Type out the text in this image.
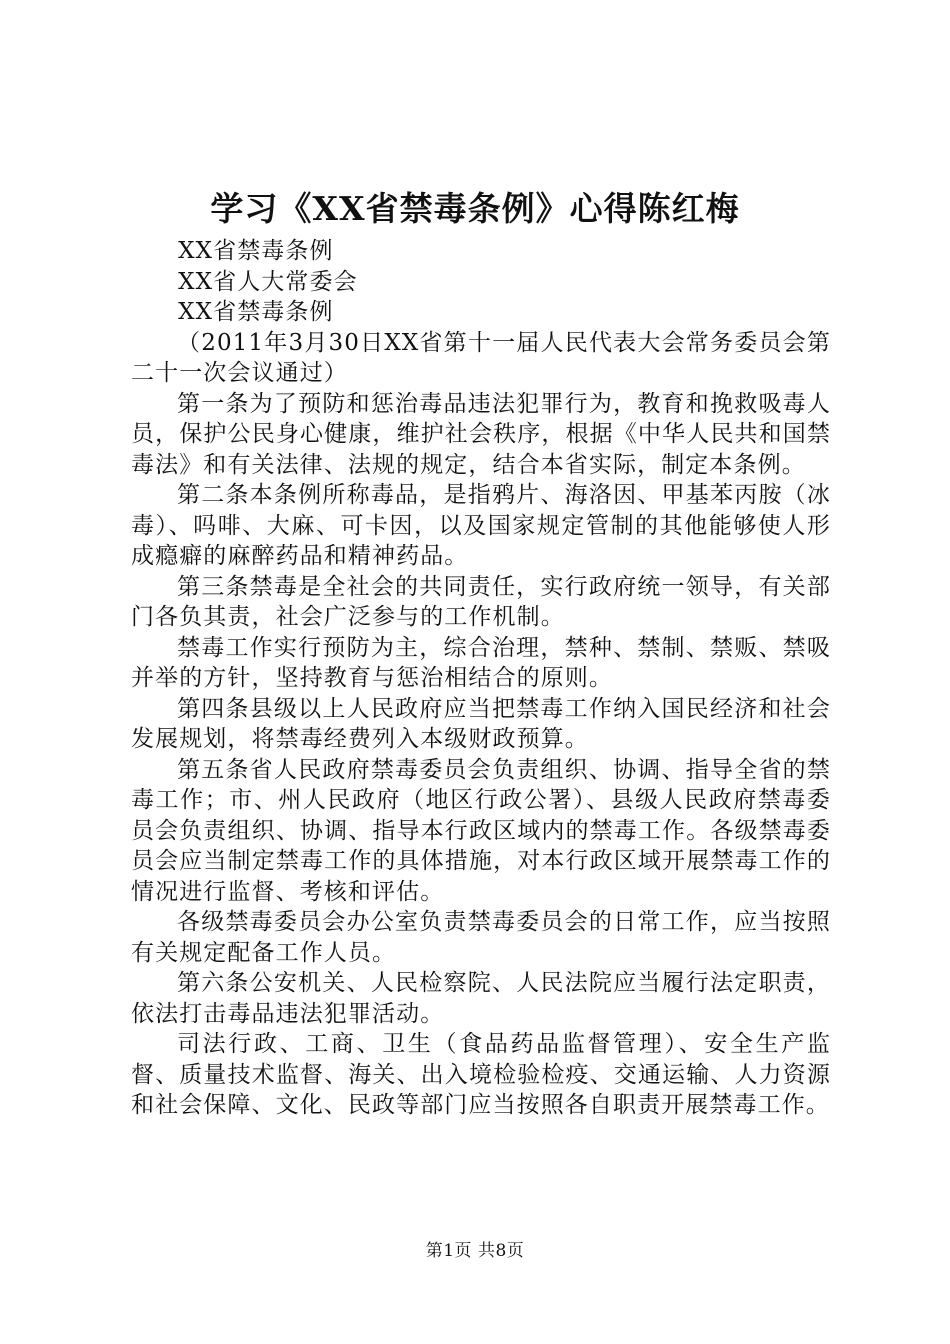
学习《XX省禁毒条例》心得陈红梅

XX省禁毒条例

XX省人大常委会

XX省禁毒条例

（2011年3月30日XX省第十一届人民代表大会常务委员会第二十一次会议通过）

第一条为了预防和惩治毒品违法犯罪行为，教育和挽救吸毒人员，保护公民身心健康，维护社会秩序，根据《中华人民共和国禁毒法》和有关法律、法规的规定，结合本省实际，制定本条例。

第二条本条例所称毒品，是指鸦片、海洛因、甲基苯丙胺（冰毒）、吗啡、大麻、可卡因，以及国家规定管制的其他能够使人形成瘾癖的麻醉药品和精神药品。

第三条禁毒是全社会的共同责任，实行政府统一领导，有关部门各负其责，社会广泛参与的工作机制。

禁毒工作实行预防为主，综合治理，禁种、禁制、禁贩、禁吸并举的方针，坚持教育与惩治相结合的原则。

第四条县级以上人民政府应当把禁毒工作纳入国民经济和社会发展规划，将禁毒经费列入本级财政预算。

第五条省人民政府禁毒委员会负责组织、协调、指导全省的禁毒工作；市、州人民政府（地区行政公署）、县级人民政府禁毒委员会负责组织、协调、指导本行政区域内的禁毒工作。各级禁毒委员会应当制定禁毒工作的具体措施，对本行政区域开展禁毒工作的情况进行监督、考核和评估。

各级禁毒委员会办公室负责禁毒委员会的日常工作，应当按照有关规定配备工作人员。

第六条公安机关、人民检察院、人民法院应当履行法定职责，依法打击毒品违法犯罪活动。

司法行政、工商、卫生（食品药品监督管理）、安全生产监督、质量技术监督、海关、出入境检验检疫、交通运输、人力资源和社会保障、文化、民政等部门应当按照各自职责开展禁毒工作。

第1页 共8页
